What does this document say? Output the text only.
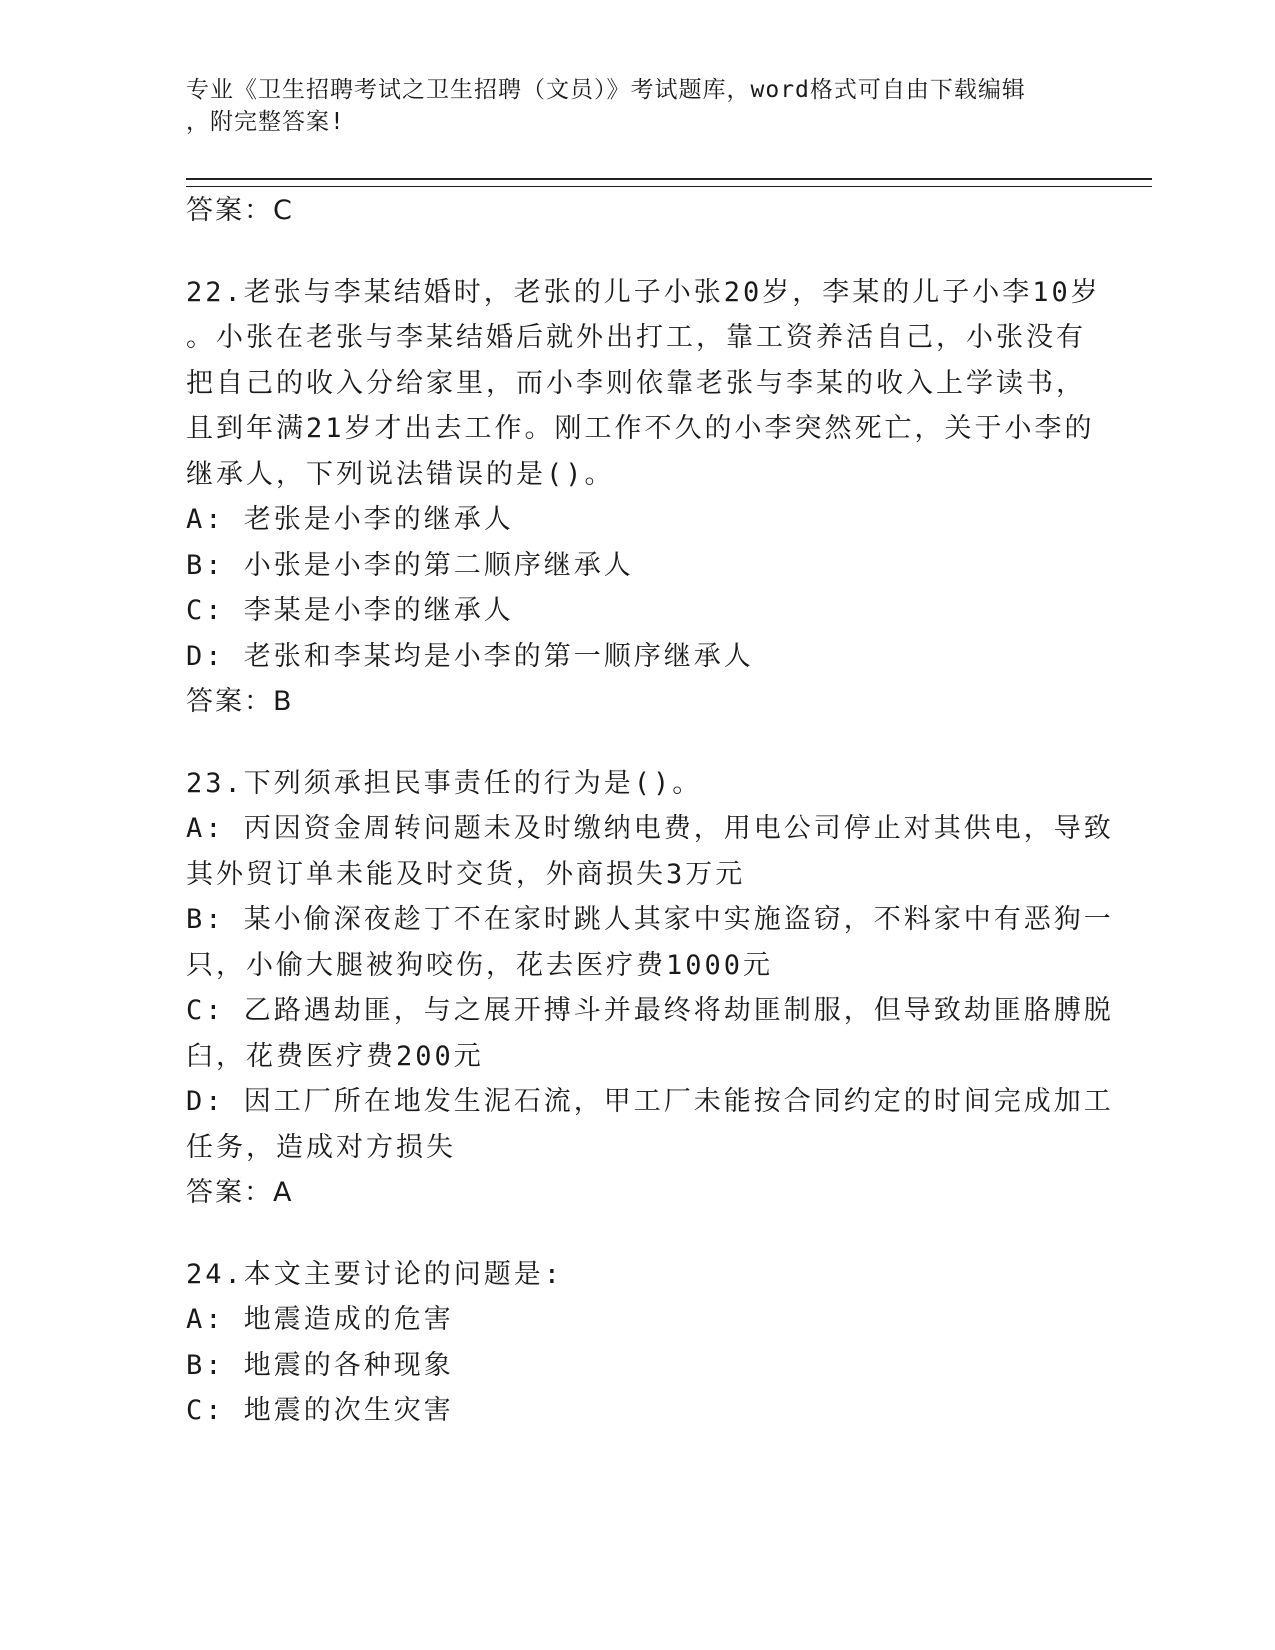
专业《卫生招聘考试之卫生招聘（文员）》考试题库，word格式可自由下载编辑
，附完整答案!
答案：C
22.老张与李某结婚时，老张的儿子小张20岁，李某的儿子小李10岁
。小张在老张与李某结婚后就外出打工，靠工资养活自己，小张没有
把自己的收入分给家里，而小李则依靠老张与李某的收入上学读书，
且到年满21岁才出去工作。刚工作不久的小李突然死亡，关于小李的
继承人，下列说法错误的是()。
A: 老张是小李的继承人
B: 小张是小李的第二顺序继承人
C: 李某是小李的继承人
D: 老张和李某均是小李的第一顺序继承人
答案：B
23.下列须承担民事责任的行为是()。
A: 丙因资金周转问题未及时缴纳电费，用电公司停止对其供电，导致
其外贸订单未能及时交货，外商损失3万元
B: 某小偷深夜趁丁不在家时跳人其家中实施盗窃，不料家中有恶狗一
只，小偷大腿被狗咬伤，花去医疗费1000元
C: 乙路遇劫匪，与之展开搏斗并最终将劫匪制服，但导致劫匪胳膊脱
臼，花费医疗费200元
D: 因工厂所在地发生泥石流，甲工厂未能按合同约定的时间完成加工
任务，造成对方损失
答案：A
24.本文主要讨论的问题是:
A: 地震造成的危害
B: 地震的各种现象
C: 地震的次生灾害
